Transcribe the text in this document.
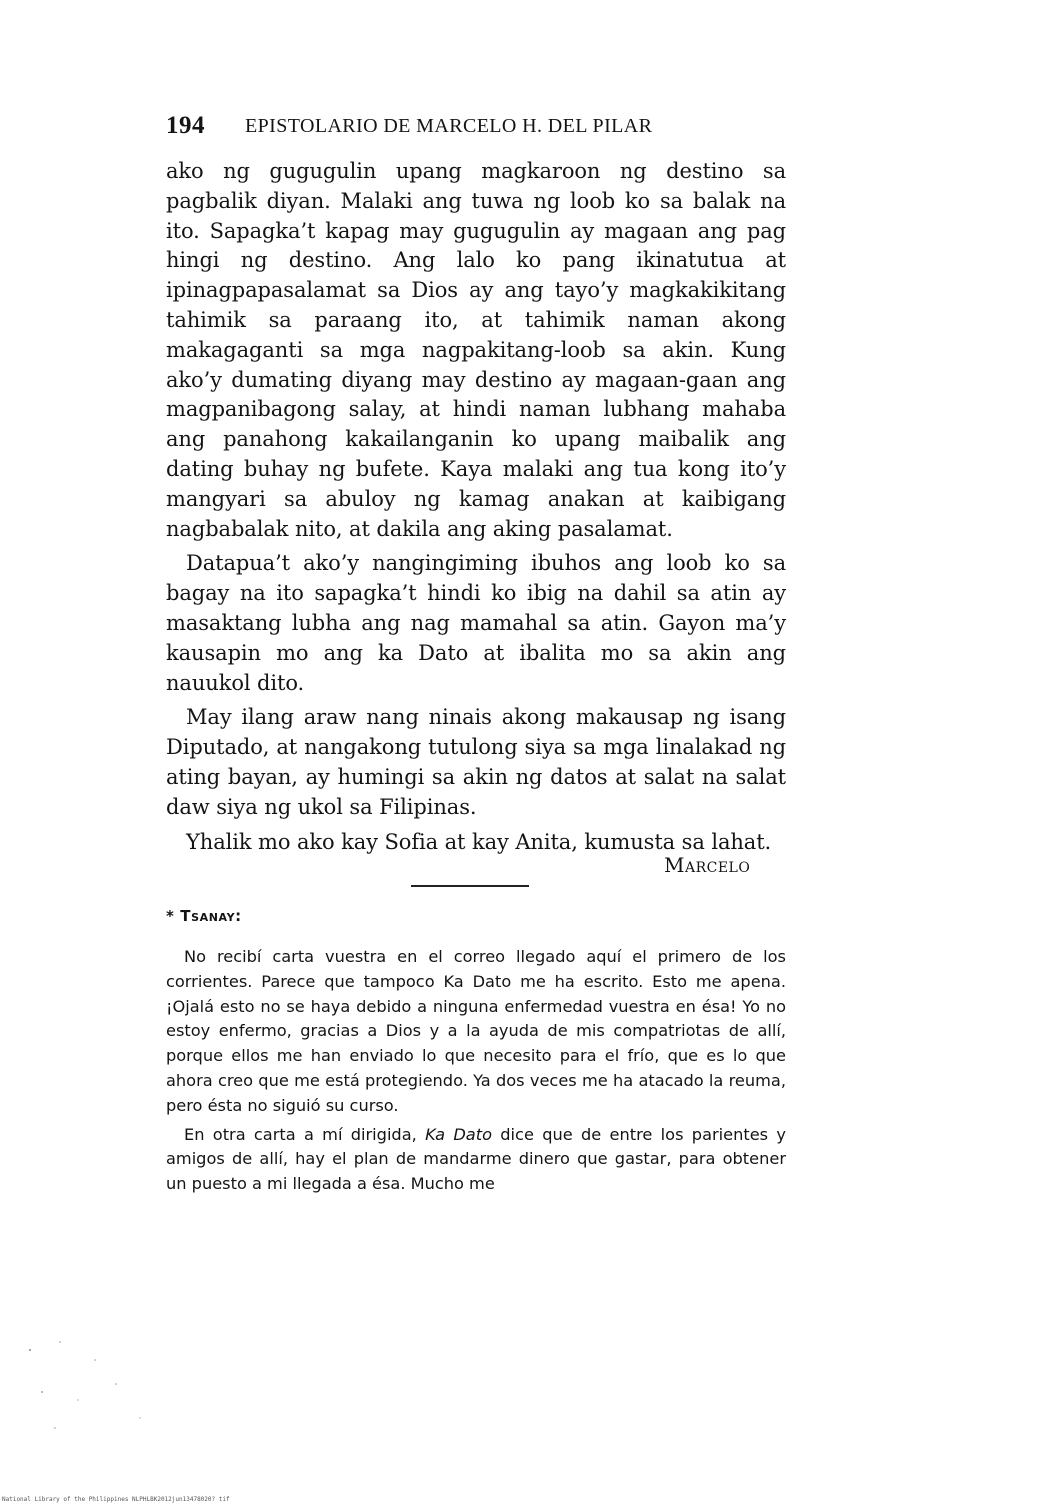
194 EPISTOLARIO DE MARCELO H. DEL PILAR

ako ng gugugulin upang magkaroon ng destino sa pagbalik diyan. Malaki ang tuwa ng loob ko sa balak na ito. Sapagka’t kapag may gugugulin ay magaan ang pag hingi ng destino. Ang lalo ko pang ikinatutua at ipinagpapasalamat sa Dios ay ang tayo’y magkakikitang tahimik sa paraang ito, at tahimik naman akong makagaganti sa mga nagpakitang-loob sa akin. Kung ako’y dumating diyang may destino ay magaan-gaan ang magpanibagong salay, at hindi naman lubhang mahaba ang panahong kakailanganin ko upang maibalik ang dating buhay ng bufete. Kaya malaki ang tua kong ito’y mangyari sa abuloy ng kamag anakan at kaibigang nagbabalak nito, at dakila ang aking pasalamat.

Datapua’t ako’y nangingiming ibuhos ang loob ko sa bagay na ito sapagka’t hindi ko ibig na dahil sa atin ay masaktang lubha ang nag mamahal sa atin. Gayon ma’y kausapin mo ang ka Dato at ibalita mo sa akin ang nauukol dito.

May ilang araw nang ninais akong makausap ng isang Diputado, at nangakong tutulong siya sa mga linalakad ng ating bayan, ay humingi sa akin ng datos at salat na salat daw siya ng ukol sa Filipinas.

Yhalik mo ako kay Sofia at kay Anita, kumusta sa lahat.

Marcelo
* Tsanay:

No recibí carta vuestra en el correo llegado aquí el primero de los corrientes. Parece que tampoco Ka Dato me ha escrito. Esto me apena. ¡Ojalá esto no se haya debido a ninguna enfermedad vuestra en ésa! Yo no estoy enfermo, gracias a Dios y a la ayuda de mis compatriotas de allí, porque ellos me han enviado lo que necesito para el frío, que es lo que ahora creo que me está protegiendo. Ya dos veces me ha atacado la reuma, pero ésta no siguió su curso.

En otra carta a mí dirigida, Ka Dato dice que de entre los parientes y amigos de allí, hay el plan de mandarme dinero que gastar, para obtener un puesto a mi llegada a ésa. Mucho me

National Library of the Philippines NLPHLBK2012jun13478020? tif
